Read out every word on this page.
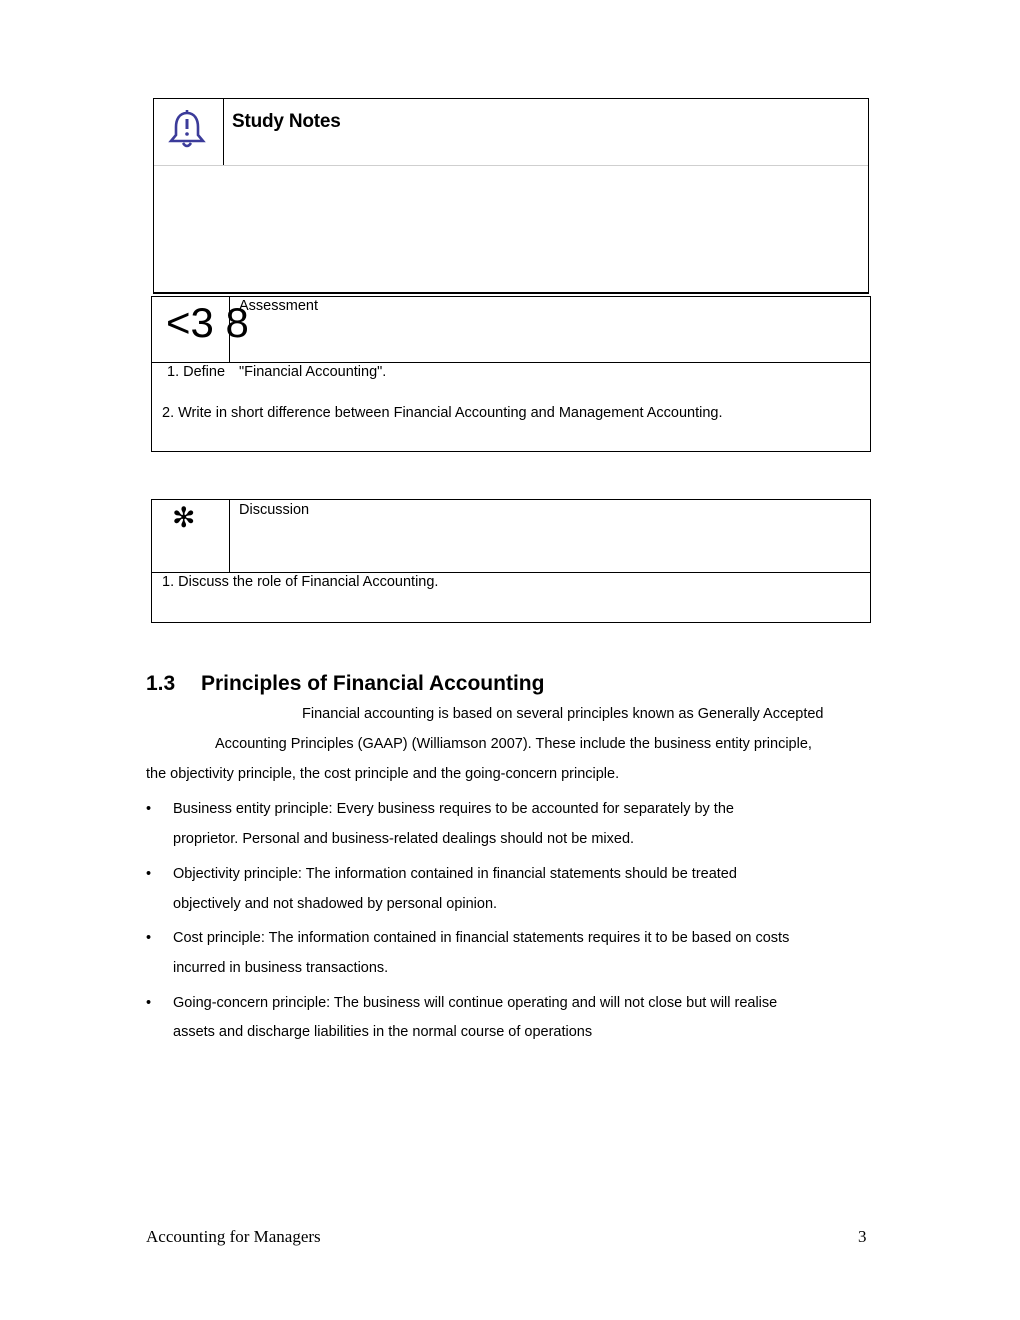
Study Notes
<3 8
Assessment
1. Define "Financial Accounting".
2. Write in short difference between Financial Accounting and Management Accounting.
✻	Discussion
1. Discuss the role of Financial Accounting.
1.3 Principles of Financial Accounting
Financial accounting is based on several principles known as Generally Accepted
Accounting Principles (GAAP) (Williamson 2007). These include the business entity principle,
the objectivity principle, the cost principle and the going-concern principle.
• Business entity principle: Every business requires to be accounted for separately by the
proprietor. Personal and business-related dealings should not be mixed.
• Objectivity principle: The information contained in financial statements should be treated
objectively and not shadowed by personal opinion.
• Cost principle: The information contained in financial statements requires it to be based on costs
incurred in business transactions.
• Going-concern principle: The business will continue operating and will not close but will realise
assets and discharge liabilities in the normal course of operations
Accounting for Managers	3
